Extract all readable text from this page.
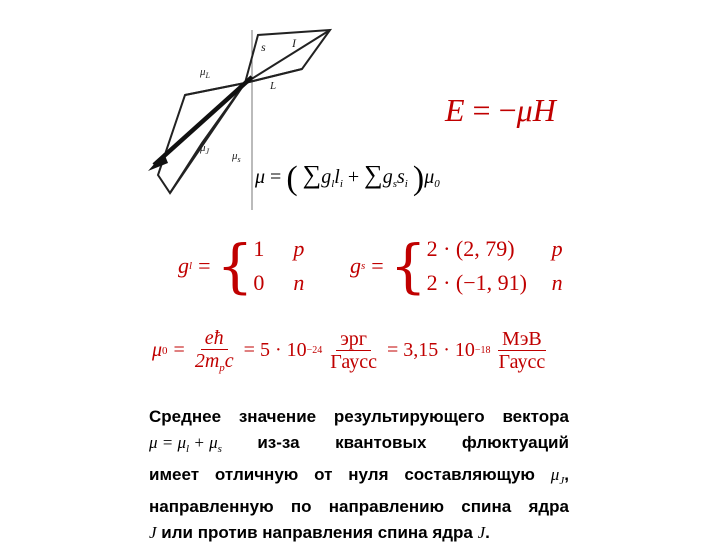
s I
$\mu_L$
L
$\mu_J$ $\mu_s$
E = −μH
μ = ( $\sum g_ll_i + \sum g_ss_i$ )$\mu_0$
g l = { 1	p
0	n
g s = { 2 · (2, 79)	p
2 · (−1, 91)	n
μ $0 = \frac{eħ}{2m_pc} = 5 \cdot 10 -24 \frac{\text{эрг}}{\text{Гаусс}} = 3,15 \cdot 10 -18 \frac{\text{МэВ}}{\text{Гаусс}}$
Среднее значение результирующего вектора
$\mu = \mu_l + \mu_s$ из-за квантовых флюктуаций
имеет отличную от нуля составляющую $\mu_J$,
направленную по направлению спина ядра
J или против направления спина ядра J.
